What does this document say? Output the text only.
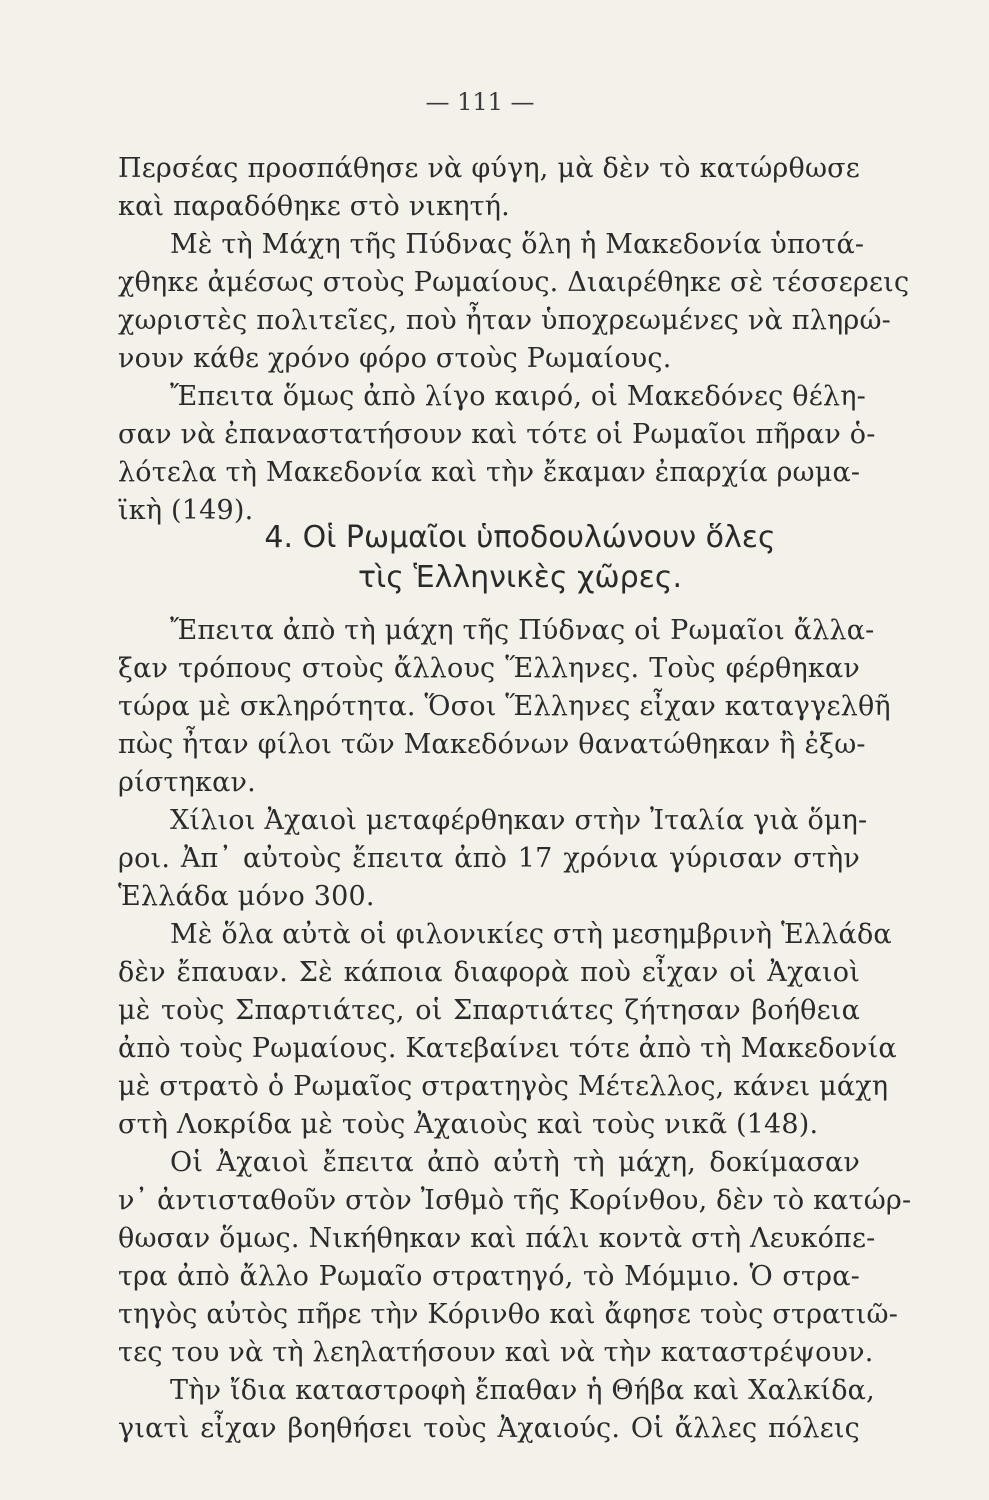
— 111 —
Περσέας προσπάθησε νὰ φύγη, μὰ δὲν τὸ κατώρθωσε
καὶ παραδόθηκε στὸ νικητή.
Μὲ τὴ Μάχη τῆς Πύδνας ὅλη ἡ Μακεδονία ὑποτά-
χθηκε ἀμέσως στοὺς Ρωμαίους. Διαιρέθηκε σὲ τέσσερεις
χωριστὲς πολιτεῖες, ποὺ ἦταν ὑποχρεωμένες νὰ πληρώ-
νουν κάθε χρόνο φόρο στοὺς Ρωμαίους.
Ἔπειτα ὅμως ἀπὸ λίγο καιρό, οἱ Μακεδόνες θέλη-
σαν νὰ ἐπαναστατήσουν καὶ τότε οἱ Ρωμαῖοι πῆραν ὁ-
λότελα τὴ Μακεδονία καὶ τὴν ἔκαμαν ἐπαρχία ρωμα-
ϊκὴ (149).
4. Οἱ Ρωμαῖοι ὑποδουλώνουν ὅλες
τὶς Ἑλληνικὲς χῶρες.
Ἔπειτα ἀπὸ τὴ μάχη τῆς Πύδνας οἱ Ρωμαῖοι ἄλλα-
ξαν τρόπους στοὺς ἄλλους Ἕλληνες. Τοὺς φέρθηκαν
τώρα μὲ σκληρότητα. Ὅσοι Ἕλληνες εἶχαν καταγγελθῆ
πὼς ἦταν φίλοι τῶν Μακεδόνων θανατώθηκαν ἢ ἐξω-
ρίστηκαν.
Χίλιοι Ἀχαιοὶ μεταφέρθηκαν στὴν Ἰταλία γιὰ ὅμη-
ροι. Ἀπ᾿ αὐτοὺς ἔπειτα ἀπὸ 17 χρόνια γύρισαν στὴν
Ἑλλάδα μόνο 300.
Μὲ ὅλα αὐτὰ οἱ φιλονικίες στὴ μεσημβρινὴ Ἑλλάδα
δὲν ἔπαυαν. Σὲ κάποια διαφορὰ ποὺ εἶχαν οἱ Ἀχαιοὶ
μὲ τοὺς Σπαρτιάτες, οἱ Σπαρτιάτες ζήτησαν βοήθεια
ἀπὸ τοὺς Ρωμαίους. Κατεβαίνει τότε ἀπὸ τὴ Μακεδονία
μὲ στρατὸ ὁ Ρωμαῖος στρατηγὸς Μέτελλος, κάνει μάχη
στὴ Λοκρίδα μὲ τοὺς Ἀχαιοὺς καὶ τοὺς νικᾶ (148).
Οἱ Ἀχαιοὶ ἔπειτα ἀπὸ αὐτὴ τὴ μάχη, δοκίμασαν
ν᾿ ἀντισταθοῦν στὸν Ἰσθμὸ τῆς Κορίνθου, δὲν τὸ κατώρ-
θωσαν ὅμως. Νικήθηκαν καὶ πάλι κοντὰ στὴ Λευκόπε-
τρα ἀπὸ ἄλλο Ρωμαῖο στρατηγό, τὸ Μόμμιο. Ὁ στρα-
τηγὸς αὐτὸς πῆρε τὴν Κόρινθο καὶ ἄφησε τοὺς στρατιῶ-
τες του νὰ τὴ λεηλατήσουν καὶ νὰ τὴν καταστρέψουν.
Τὴν ἴδια καταστροφὴ ἔπαθαν ἡ Θήβα καὶ Χαλκίδα,
γιατὶ εἶχαν βοηθήσει τοὺς Ἀχαιούς. Οἱ ἄλλες πόλεις
